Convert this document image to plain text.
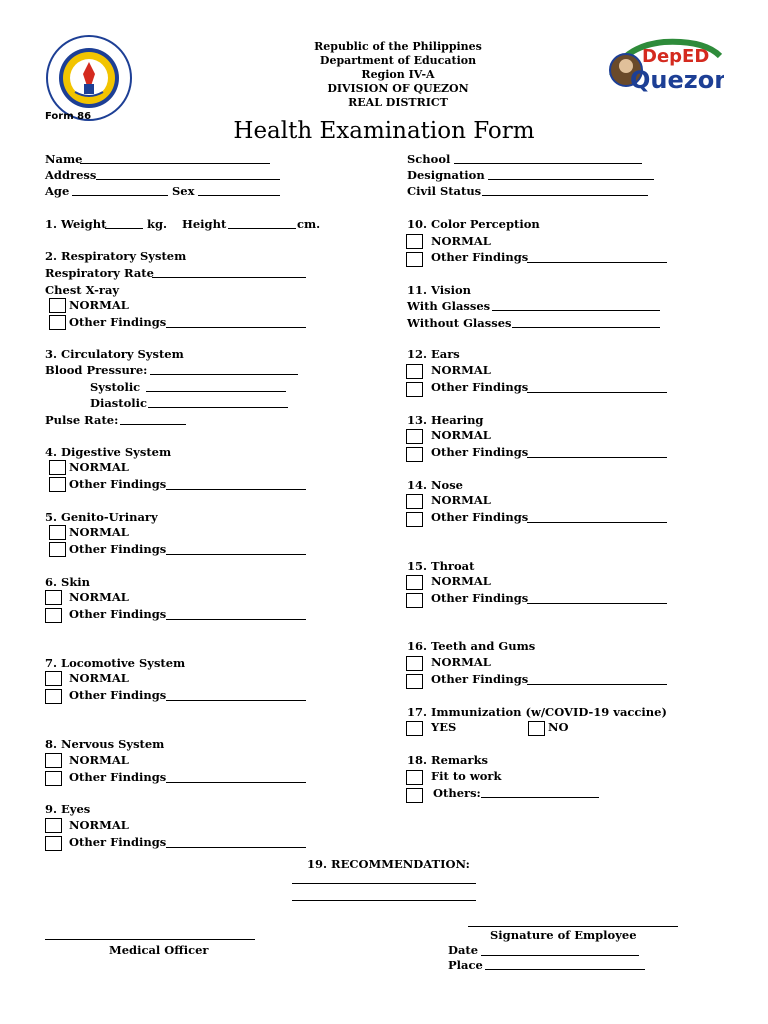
Republic of the Philippines
Department of Education
Region IV-A
DIVISION OF QUEZON
REAL DISTRICT
DepED
Quezon
Form 86
Health Examination Form
Name
Address
Age	Sex
School
Designation
Civil Status
1. Weight	kg. Height	cm.
2. Respiratory System
Respiratory Rate
Chest X-ray
NORMAL
Other Findings
3. Circulatory System
Blood Pressure:
Systolic
Diastolic
Pulse Rate:
4. Digestive System
NORMAL
Other Findings
5. Genito-Urinary
NORMAL
Other Findings
6. Skin
NORMAL
Other Findings
7. Locomotive System
NORMAL
Other Findings
8. Nervous System
NORMAL
Other Findings
9. Eyes
NORMAL
Other Findings
10. Color Perception
NORMAL
Other Findings
11. Vision
With Glasses
Without Glasses
12. Ears
NORMAL
Other Findings
13. Hearing
NORMAL
Other Findings
14. Nose
NORMAL
Other Findings
15. Throat
NORMAL
Other Findings
16. Teeth and Gums
NORMAL
Other Findings
17. Immunization (w/COVID-19 vaccine)
YES	NO
18. Remarks
Fit to work
Others:
19. RECOMMENDATION:
Signature of Employee
Medical Officer	Date
Place
